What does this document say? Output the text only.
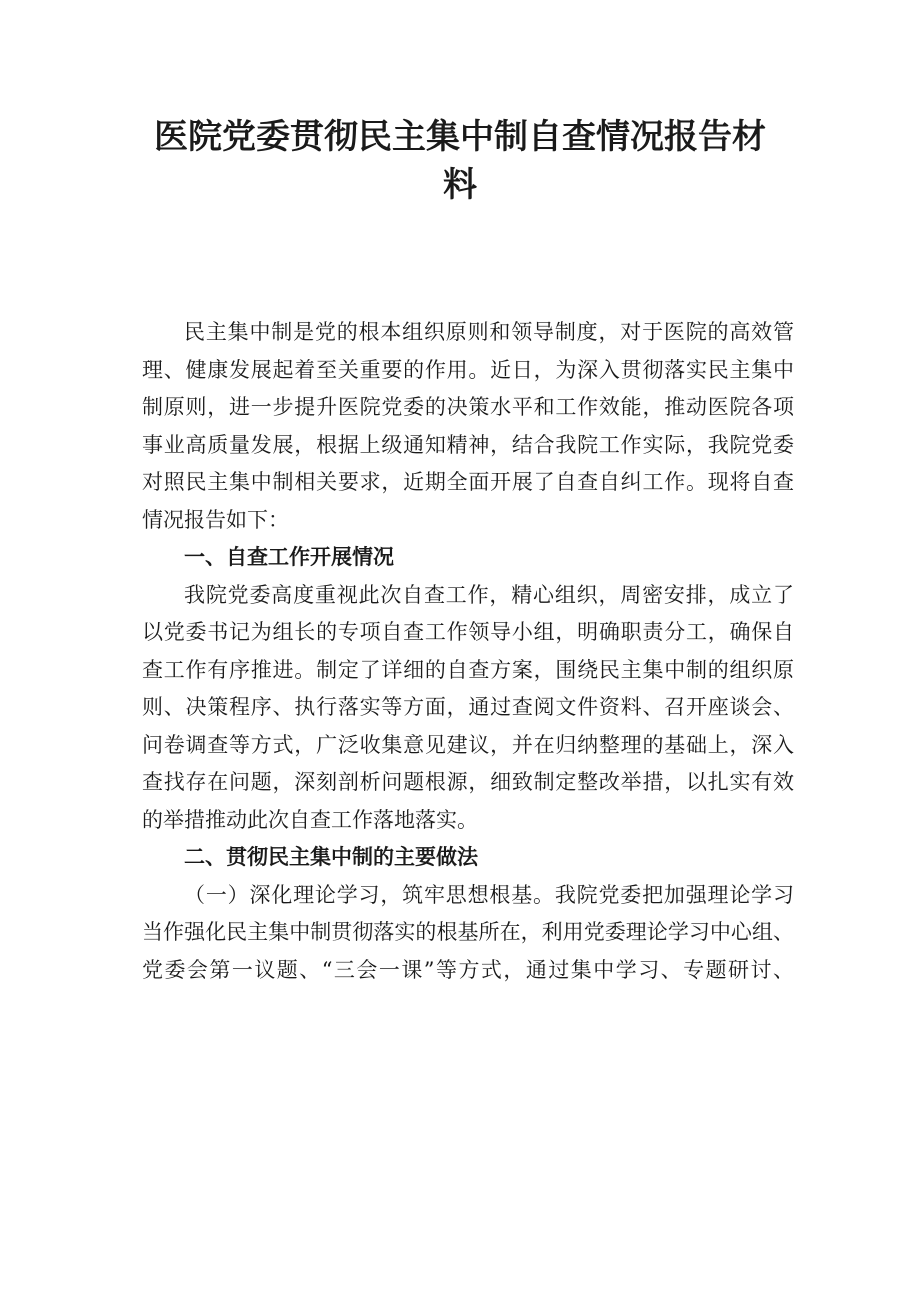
医院党委贯彻民主集中制自查情况报告材
料
民主集中制是党的根本组织原则和领导制度，对于医院的高效管
理、健康发展起着至关重要的作用。近日，为深入贯彻落实民主集中
制原则，进一步提升医院党委的决策水平和工作效能，推动医院各项
事业高质量发展，根据上级通知精神，结合我院工作实际，我院党委
对照民主集中制相关要求，近期全面开展了自查自纠工作。现将自查
情况报告如下：
一、自查工作开展情况
我院党委高度重视此次自查工作，精心组织，周密安排，成立了
以党委书记为组长的专项自查工作领导小组，明确职责分工，确保自
查工作有序推进。制定了详细的自查方案，围绕民主集中制的组织原
则、决策程序、执行落实等方面，通过查阅文件资料、召开座谈会、
问卷调查等方式，广泛收集意见建议，并在归纳整理的基础上，深入
查找存在问题，深刻剖析问题根源，细致制定整改举措，以扎实有效
的举措推动此次自查工作落地落实。
二、贯彻民主集中制的主要做法
（一）深化理论学习，筑牢思想根基。我院党委把加强理论学习
当作强化民主集中制贯彻落实的根基所在，利用党委理论学习中心组、
党委会第一议题、“三会一课”等方式，通过集中学习、专题研讨、
